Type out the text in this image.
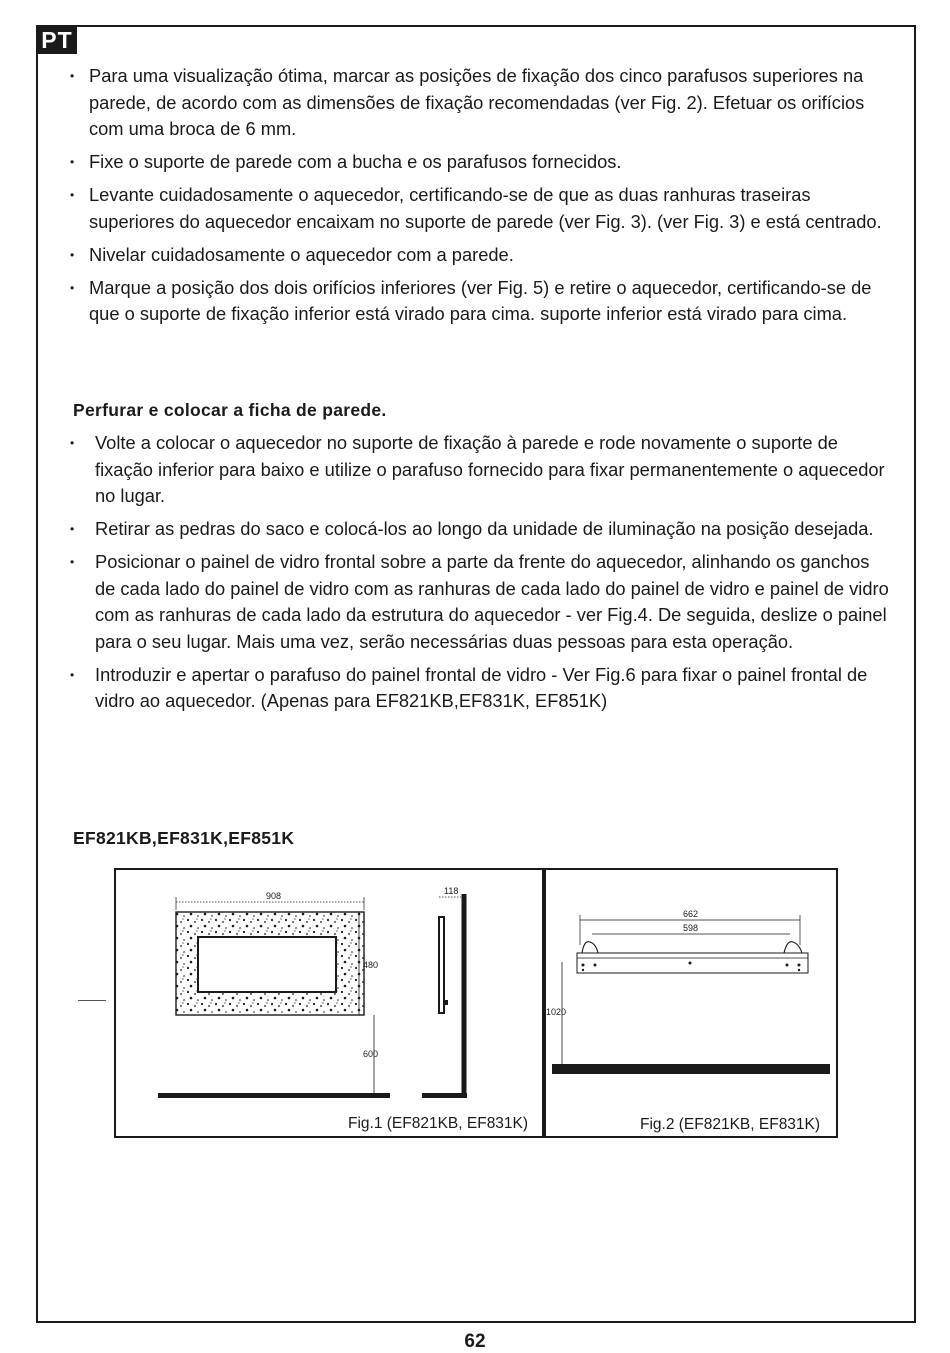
PT
• Para uma visualização ótima, marcar as posições de fixação dos cinco parafusos superiores na parede, de acordo com as dimensões de fixação recomendadas (ver Fig. 2). Efetuar os orifícios com uma broca de 6 mm.
• Fixe o suporte de parede com a bucha e os parafusos fornecidos.
• Levante cuidadosamente o aquecedor, certificando-se de que as duas ranhuras traseiras superiores do aquecedor encaixam no suporte de parede (ver Fig. 3). (ver Fig. 3) e está centrado.
• Nivelar cuidadosamente o aquecedor com a parede.
• Marque a posição dos dois orifícios inferiores (ver Fig. 5) e retire o aquecedor, certificando-se de que o suporte de fixação inferior está virado para cima. suporte inferior está virado para cima.
Perfurar e colocar a ficha de parede.
• Volte a colocar o aquecedor no suporte de fixação à parede e rode novamente o suporte de fixação inferior para baixo e utilize o parafuso fornecido para fixar permanentemente o aquecedor no lugar.
• Retirar as pedras do saco e colocá-los ao longo da unidade de iluminação na posição desejada.
• Posicionar o painel de vidro frontal sobre a parte da frente do aquecedor, alinhando os ganchos de cada lado do painel de vidro com as ranhuras de cada lado do painel de vidro e painel de vidro com as ranhuras de cada lado da estrutura do aquecedor - ver Fig.4. De seguida, deslize o painel para o seu lugar. Mais uma vez, serão necessárias duas pessoas para esta operação.
• Introduzir e apertar o parafuso do painel frontal de vidro - Ver Fig.6 para fixar o painel frontal de vidro ao aquecedor. (Apenas para EF821KB,EF831K, EF851K)
EF821KB,EF831K,EF851K
908
480
600
118
Fig.1 (EF821KB, EF831K)
662
598
1020
Fig.2 (EF821KB, EF831K)
62
